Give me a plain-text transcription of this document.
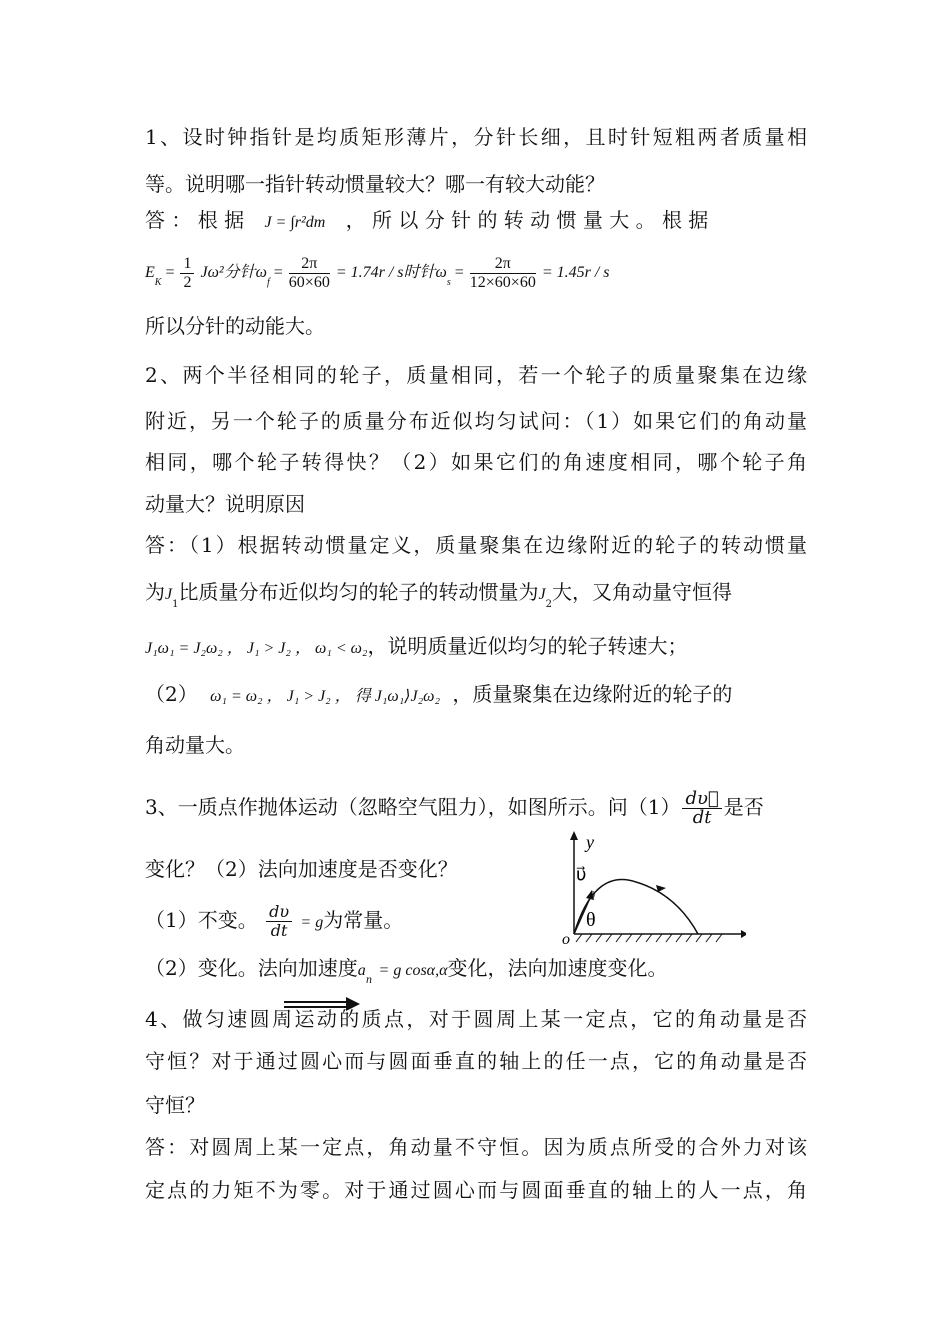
1、设时钟指针是均质矩形薄片，分针长细，且时针短粗两者质量相
等。说明哪一指针转动惯量较大？哪一有较大动能？
答 ： 根 据 J = ∫r²dm ， 所 以 分 针 的 转 动 惯 量 大 。 根 据
$E_K = \frac{1}{2} J\omega^2$分针$\omega_f = \frac{2\pi}{60\times 60} = 1.74r / s$时针$\omega_s = \frac{2\pi}{12\times 60\times 60} = 1.45r / s$
所以分针的动能大。
2、两个半径相同的轮子，质量相同，若一个轮子的质量聚集在边缘
附近，另一个轮子的质量分布近似均匀试问：（1）如果它们的角动量
相同，哪个轮子转得快？（2）如果它们的角速度相同，哪个轮子角
动量大？说明原因
答：（1）根据转动惯量定义，质量聚集在边缘附近的轮子的转动惯量
为$J_1$比质量分布近似均匀的轮子的转动惯量为$J_2$大，又角动量守恒得
J₁ω₁ = J₂ω₂ ， J₁ > J₂ ， ω₁ < ω₂，说明质量近似均匀的轮子转速大；
（2） ω₁ = ω₂ ， J₁ > J₂ ， 得 J₁ω₁⟩J₂ω₂ ，质量聚集在边缘附近的轮子的
角动量大。
3、一质点作抛体运动（忽略空气阻力），如图所示。问$(1) \frac{d\upsilon⃗}{dt}$ 是否
变化？（2）法向加速度是否变化？
（1）不变。 $\frac{d\upsilon}{dt} = g$为常量。
（2）变化。法向加速度$a_n = g$ cosα,α变化，法向加速度变化。
y
υ⃗
0
θ
o
4、做匀速圆周运动的质点，对于圆周上某一定点，它的角动量是否
守恒？对于通过圆心而与圆面垂直的轴上的任一点，它的角动量是否
守恒？
答：对圆周上某一定点，角动量不守恒。因为质点所受的合外力对该
定点的力矩不为零。对于通过圆心而与圆面垂直的轴上的人一点，角
